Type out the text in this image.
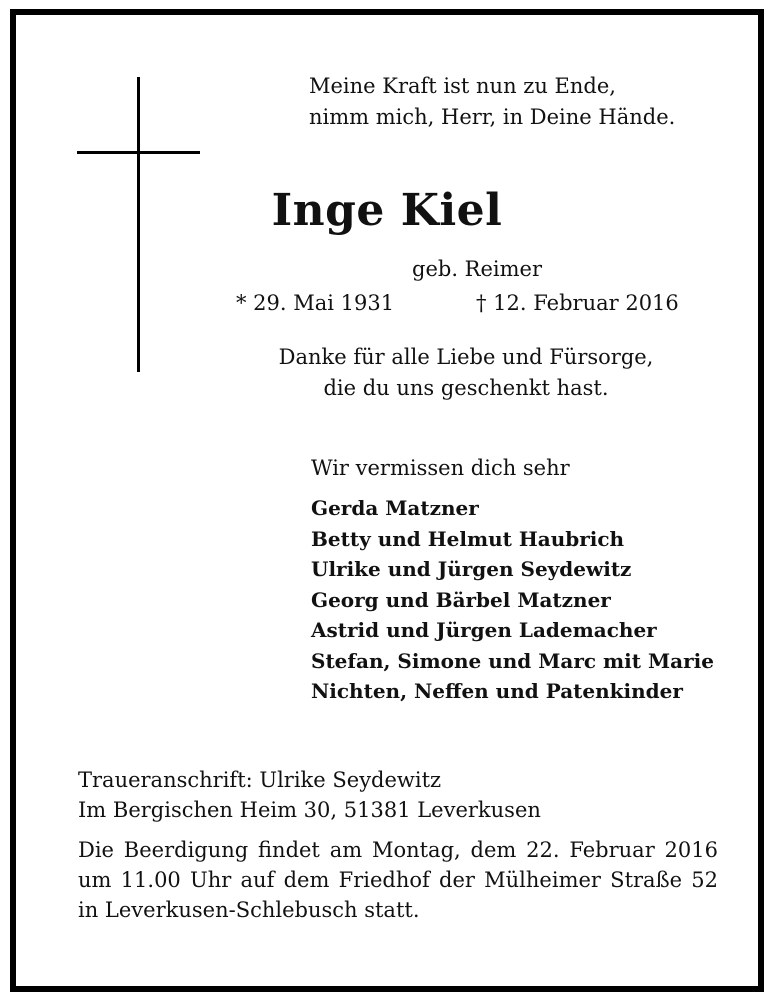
Meine Kraft ist nun zu Ende,
nimm mich, Herr, in Deine Hände.
Inge Kiel
geb. Reimer
* 29. Mai 1931	† 12. Februar 2016
Danke für alle Liebe und Fürsorge,
die du uns geschenkt hast.
Wir vermissen dich sehr
Gerda Matzner
Betty und Helmut Haubrich
Ulrike und Jürgen Seydewitz
Georg und Bärbel Matzner
Astrid und Jürgen Lademacher
Stefan, Simone und Marc mit Marie
Nichten, Neffen und Patenkinder
Traueranschrift: Ulrike Seydewitz
Im Bergischen Heim 30, 51381 Leverkusen
Die Beerdigung findet am Montag, dem 22. Februar 2016 um 11.00 Uhr auf dem Friedhof der Mülheimer Straße 52 in Leverkusen-Schlebusch statt.
